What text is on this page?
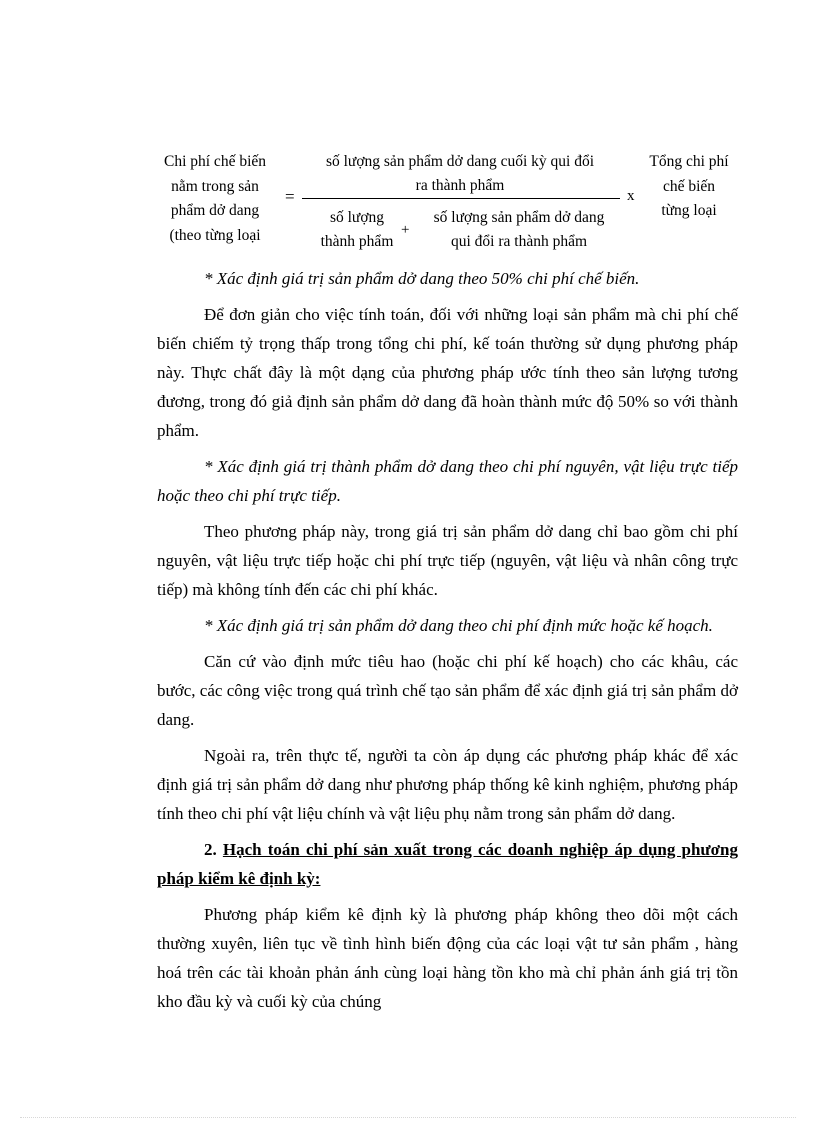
Chi phí chế biến
nằm trong sản
phẩm dở dang
(theo từng loại
=
số lượng sản phẩm dở dang cuối kỳ qui đổi
ra thành phẩm
số lượng
thành phẩm
+
số lượng sản phẩm dở dang
qui đổi ra thành phẩm
x
Tổng chi phí
chế biến
từng loại

* Xác định giá trị sản phẩm dở dang theo 50% chi phí chế biến.

Để đơn giản cho việc tính toán, đối với những loại sản phẩm mà chi phí chế biến chiếm tỷ trọng thấp trong tổng chi phí, kế toán thường sử dụng phương pháp này. Thực chất đây là một dạng của phương pháp ước tính theo sản lượng tương đương, trong đó giả định sản phẩm dở dang đã hoàn thành mức độ 50% so với thành phẩm.

* Xác định giá trị thành phẩm dở dang theo chi phí nguyên, vật liệu trực tiếp hoặc theo chi phí trực tiếp.

Theo phương pháp này, trong giá trị sản phẩm dở dang chỉ bao gồm chi phí nguyên, vật liệu trực tiếp hoặc chi phí trực tiếp (nguyên, vật liệu và nhân công trực tiếp) mà không tính đến các chi phí khác.

* Xác định giá trị sản phẩm dở dang theo chi phí định mức hoặc kế hoạch.

Căn cứ vào định mức tiêu hao (hoặc chi phí kế hoạch) cho các khâu, các bước, các công việc trong quá trình chế tạo sản phẩm để xác định giá trị sản phẩm dở dang.

Ngoài ra, trên thực tế, người ta còn áp dụng các phương pháp khác để xác định giá trị sản phẩm dở dang như phương pháp thống kê kinh nghiệm, phương pháp tính theo chi phí vật liệu chính và vật liệu phụ nằm trong sản phẩm dở dang.

2. Hạch toán chi phí sản xuất trong các doanh nghiệp áp dụng phương pháp kiểm kê định kỳ:

Phương pháp kiểm kê định kỳ là phương pháp không theo dõi một cách thường xuyên, liên tục về tình hình biến động của các loại vật tư sản phẩm , hàng hoá trên các tài khoản phản ánh cùng loại hàng tồn kho mà chỉ phản ánh giá trị tồn kho đầu kỳ và cuối kỳ của chúng
